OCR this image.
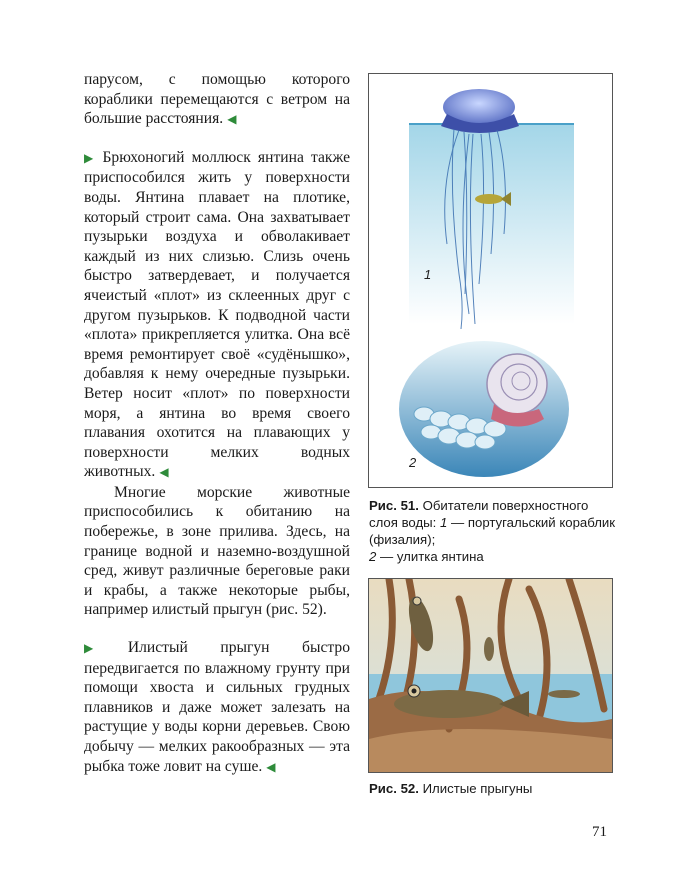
парусом, с помощью которого кораблики перемещаются с ветром на большие расстояния. ◀

▶ Брюхоногий моллюск янтина также приспособился жить у поверхности воды. Янтина плавает на плотике, который строит сама. Она захватывает пузырьки воздуха и обволакивает каждый из них слизью. Слизь очень быстро затвердевает, и получается ячеистый «плот» из склеенных друг с другом пузырьков. К подводной части «плота» прикрепляется улитка. Она всё время ремонтирует своё «судёнышко», добавляя к нему очередные пузырьки. Ветер носит «плот» по поверхности моря, а янтина во время своего плавания охотится на плавающих у поверхности мелких водных животных. ◀

Многие морские животные приспособились к обитанию на побережье, в зоне прилива. Здесь, на границе водной и наземно-воздушной сред, живут различные береговые раки и крабы, а также некоторые рыбы, например илистый прыгун (рис. 52).

▶ Илистый прыгун быстро передвигается по влажному грунту при помощи хвоста и сильных грудных плавников и даже может залезать на растущие у воды корни деревьев. Свою добычу — мелких ракообразных — эта рыбка тоже ловит на суше. ◀

1
2
Рис. 51. Обитатели поверхностного слоя воды: 1 — португальский кораблик (физалия);
2 — улитка янтина
Рис. 52. Илистые прыгуны
71
